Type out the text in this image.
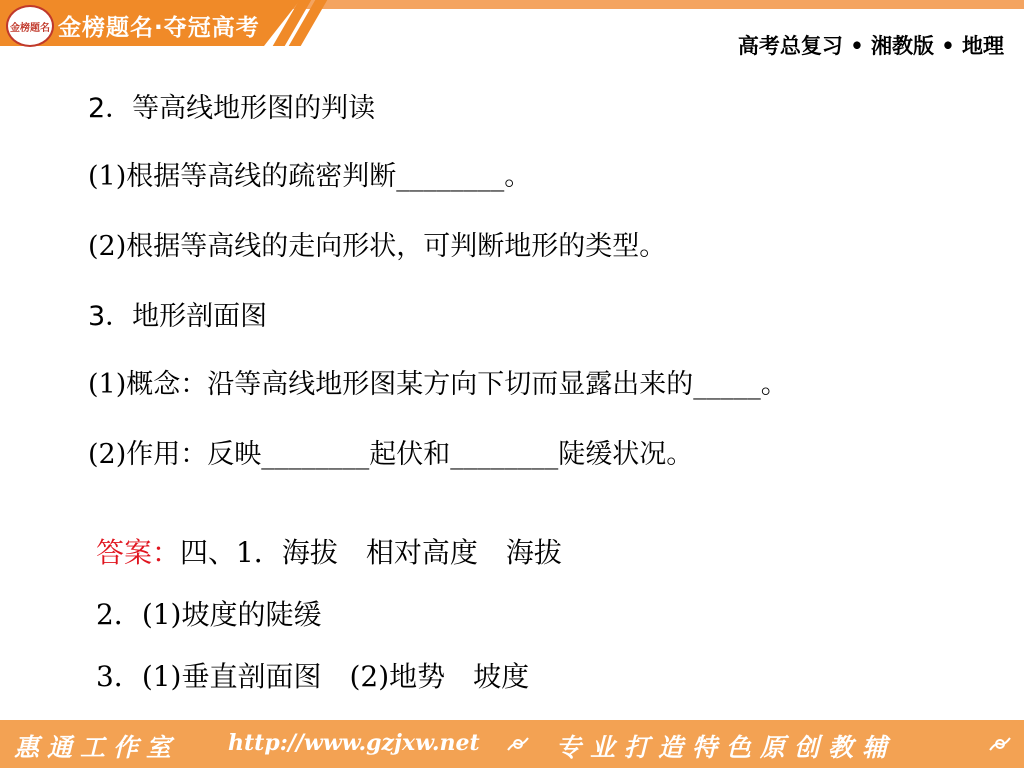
金榜题名 金榜题名·夺冠高考
高考总复习 • 湘教版 • 地理
2．等高线地形图的判读
(1)根据等高线的疏密判断________。
(2)根据等高线的走向形状，可判断地形的类型。
3．地形剖面图
(1)概念：沿等高线地形图某方向下切而显露出来的_____。
(2)作用：反映________起伏和________陡缓状况。
答案：四、1．海拔　相对高度　海拔
2．(1)坡度的陡缓
3．(1)垂直剖面图　(2)地势　坡度
惠通工作室 http://www.gzjxw.net	专业打造特色原创教辅
